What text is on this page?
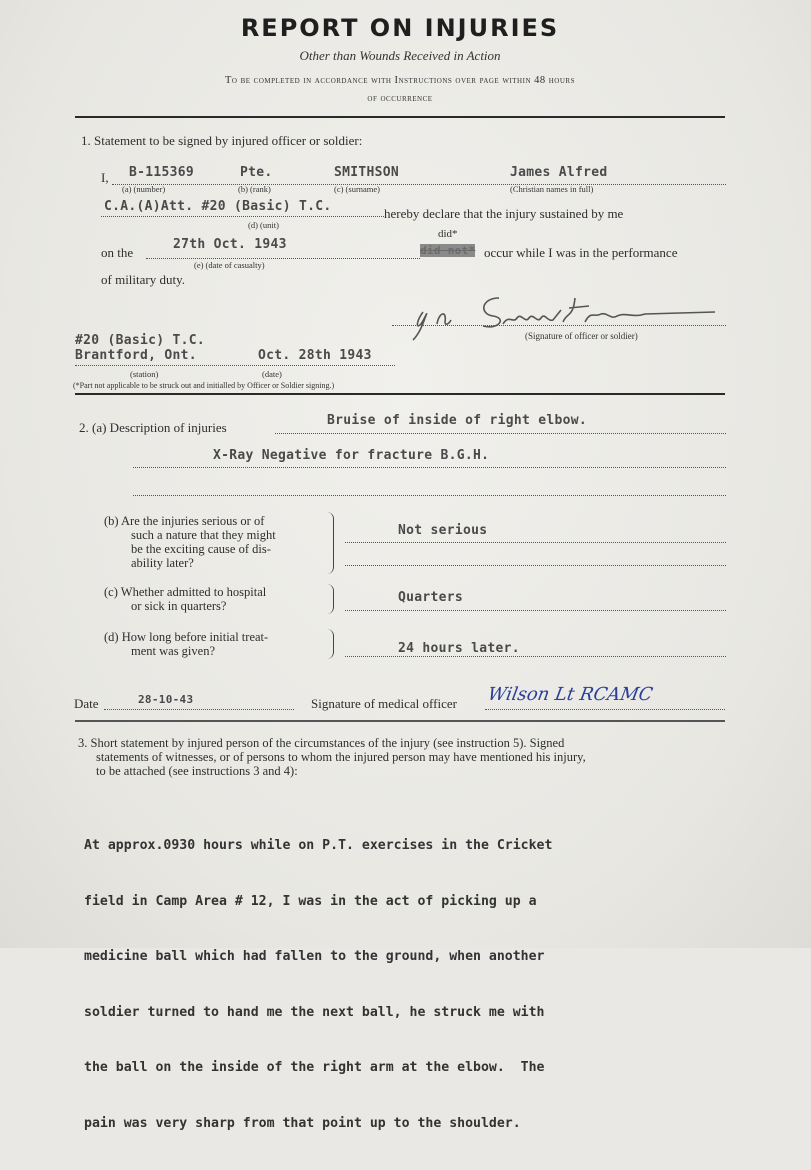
REPORT ON INJURIES
Other than Wounds Received in Action
To be completed in accordance with Instructions over page within 48 hours
of occurrence
1. Statement to be signed by injured officer or soldier:
I, B-115369	Pte.	SMITHSON	James Alfred
(a) (number)	(b) (rank)	(c) (surname)	(Christian names in full)
C.A.(A)Att. #20 (Basic) T.C.	hereby declare that the injury sustained by me
(d) (unit)
on the
27th Oct. 1943
(e) (date of casualty)
did*
did not* occur while I was in the performance
of military duty.
(Signature of officer or soldier)
#20 (Basic) T.C.
Brantford, Ont.	Oct. 28th 1943
(station)	(date)
(*Part not applicable to be struck out and initialled by Officer or Soldier signing.)
2. (a) Description of injuries	Bruise of inside of right elbow.
X-Ray Negative for fracture B.G.H.
(b) Are the injuries serious or of
such a nature that they might
be the exciting cause of dis-
ability later?
Not serious
(c) Whether admitted to hospital
or sick in quarters?
Quarters
(d) How long before initial treat-
ment was given?	24 hours later.
Date	28-10-43	Signature of medical officer Wilson Lt RCAMC
3. Short statement by injured person of the circumstances of the injury (see instruction 5). Signed
statements of witnesses, or of persons to whom the injured person may have mentioned his injury,
to be attached (see instructions 3 and 4):

At approx.0930 hours while on P.T. exercises in the Cricket

field in Camp Area # 12, I was in the act of picking up a

medicine ball which had fallen to the ground, when another

soldier turned to hand me the next ball, he struck me with

the ball on the inside of the right arm at the elbow.  The

pain was very sharp from that point up to the shoulder.
